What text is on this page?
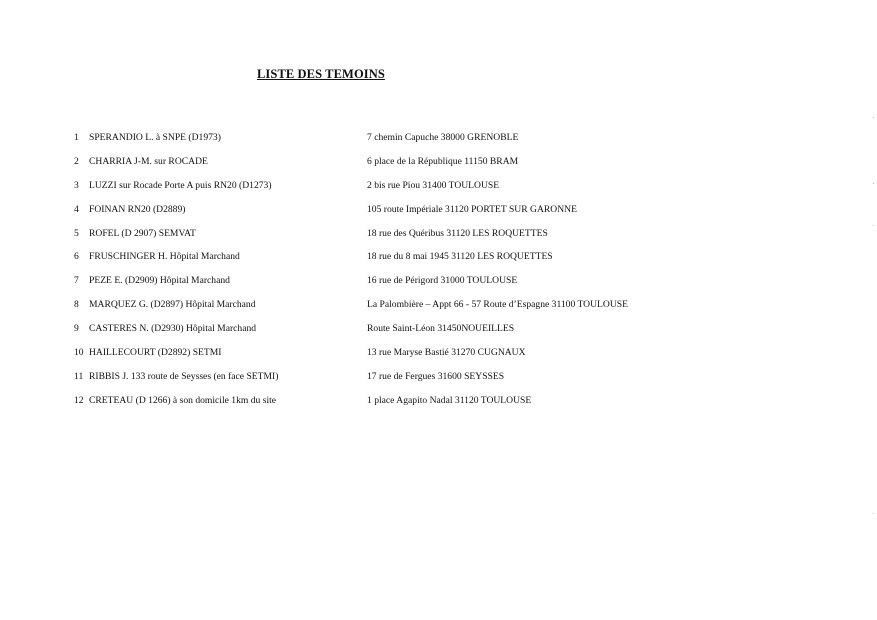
LISTE DES TEMOINS
1 SPERANDIO L. à SNPE (D1973)	7 chemin Capuche 38000 GRENOBLE
2 CHARRIA J-M. sur ROCADE	6 place de la République 11150 BRAM
3 LUZZI sur Rocade Porte A puis RN20 (D1273)	2 bis rue Piou 31400 TOULOUSE
4 FOINAN RN20 (D2889)	105 route Impériale 31120 PORTET SUR GARONNE
5 ROFEL (D 2907) SEMVAT	18 rue des Quéribus 31120 LES ROQUETTES
6 FRUSCHINGER H. Hôpital Marchand	18 rue du 8 mai 1945 31120 LES ROQUETTES
7 PEZE E. (D2909) Hôpital Marchand	16 rue de Périgord 31000 TOULOUSE
8 MARQUEZ G. (D2897) Hôpital Marchand	La Palombière – Appt 66 - 57 Route d’Espagne 31100 TOULOUSE
9 CASTERES N. (D2930) Hôpital Marchand	Route Saint-Léon 31450NOUEILLES
10 HAILLECOURT (D2892) SETMI	13 rue Maryse Bastié 31270 CUGNAUX
11 RIBBIS J. 133 route de Seysses (en face SETMI)	17 rue de Fergues 31600 SEYSSES
12 CRETEAU (D 1266) à son domicile 1km du site	1 place Agapito Nadal 31120 TOULOUSE
